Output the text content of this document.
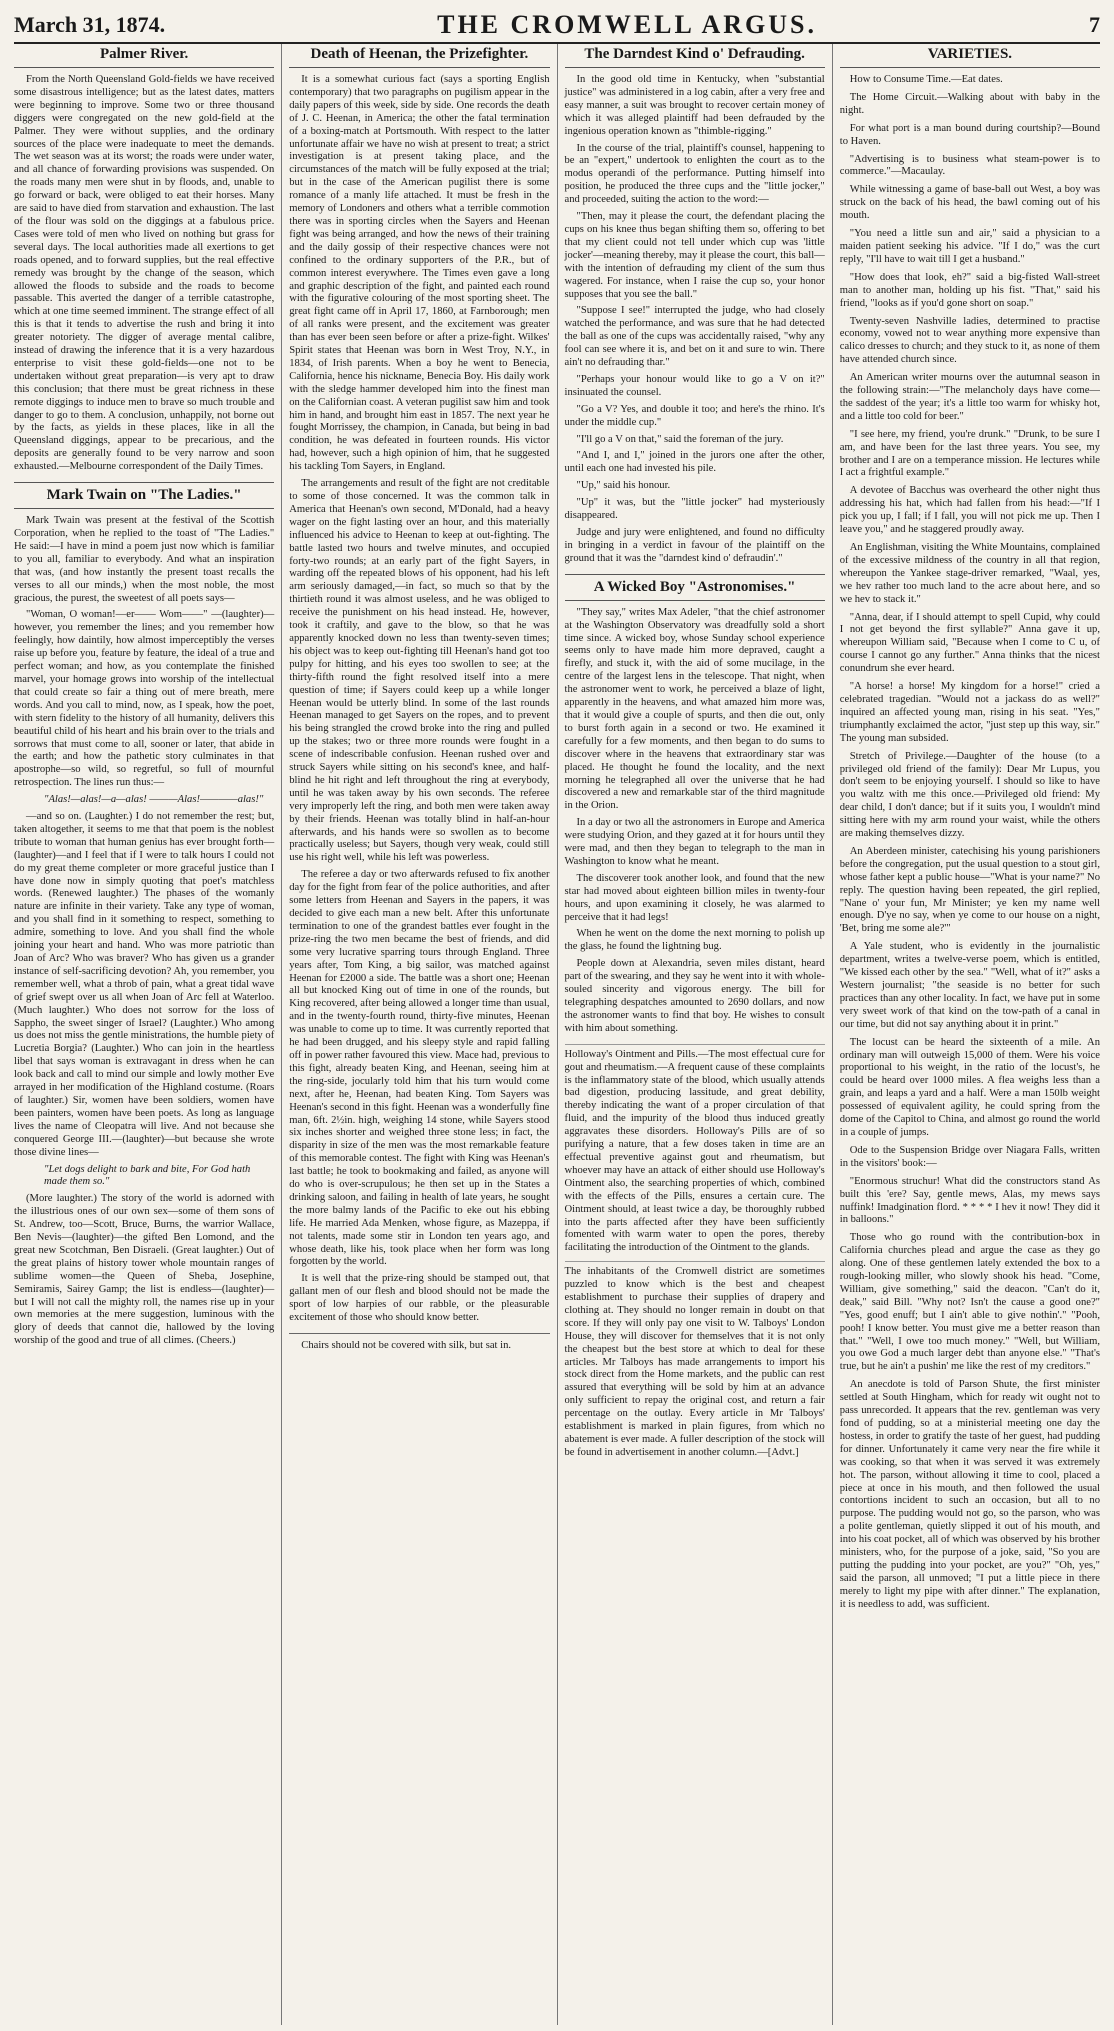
March 31, 1874.	THE CROMWELL ARGUS.	7
Palmer River.

From the North Queensland Gold-fields we have received some disastrous intelligence; but as the latest dates, matters were beginning to improve. Some two or three thousand diggers were congregated on the new gold-field at the Palmer. They were without supplies, and the ordinary sources of the place were inadequate to meet the demands. The wet season was at its worst; the roads were under water, and all chance of forwarding provisions was suspended. On the roads many men were shut in by floods, and, unable to go forward or back, were obliged to eat their horses. Many are said to have died from starvation and exhaustion. The last of the flour was sold on the diggings at a fabulous price. Cases were told of men who lived on nothing but grass for several days. The local authorities made all exertions to get roads opened, and to forward supplies, but the real effective remedy was brought by the change of the season, which allowed the floods to subside and the roads to become passable. This averted the danger of a terrible catastrophe, which at one time seemed imminent. The strange effect of all this is that it tends to advertise the rush and bring it into greater notoriety. The digger of average mental calibre, instead of drawing the inference that it is a very hazardous enterprise to visit these gold-fields—one not to be undertaken without great preparation—is very apt to draw this conclusion; that there must be great richness in these remote diggings to induce men to brave so much trouble and danger to go to them. A conclusion, unhappily, not borne out by the facts, as yields in these places, like in all the Queensland diggings, appear to be precarious, and the deposits are generally found to be very narrow and soon exhausted.—Melbourne correspondent of the Daily Times.

Mark Twain on "The Ladies."

Mark Twain was present at the festival of the Scottish Corporation, when he replied to the toast of "The Ladies." He said:—I have in mind a poem just now which is familiar to you all, familiar to everybody. And what an inspiration that was, (and how instantly the present toast recalls the verses to all our minds,) when the most noble, the most gracious, the purest, the sweetest of all poets says—

"Woman, O woman!—er—— Wom——" —(laughter)—however, you remember the lines; and you remember how feelingly, how daintily, how almost imperceptibly the verses raise up before you, feature by feature, the ideal of a true and perfect woman; and how, as you contemplate the finished marvel, your homage grows into worship of the intellectual that could create so fair a thing out of mere breath, mere words. And you call to mind, now, as I speak, how the poet, with stern fidelity to the history of all humanity, delivers this beautiful child of his heart and his brain over to the trials and sorrows that must come to all, sooner or later, that abide in the earth; and how the pathetic story culminates in that apostrophe—so wild, so regretful, so full of mournful retrospection. The lines run thus:—

"Alas!—alas!—a—alas! ———Alas!————alas!"

—and so on. (Laughter.) I do not remember the rest; but, taken altogether, it seems to me that that poem is the noblest tribute to woman that human genius has ever brought forth—(laughter)—and I feel that if I were to talk hours I could not do my great theme completer or more graceful justice than I have done now in simply quoting that poet's matchless words. (Renewed laughter.) The phases of the womanly nature are infinite in their variety. Take any type of woman, and you shall find in it something to respect, something to admire, something to love. And you shall find the whole joining your heart and hand. Who was more patriotic than Joan of Arc? Who was braver? Who has given us a grander instance of self-sacrificing devotion? Ah, you remember, you remember well, what a throb of pain, what a great tidal wave of grief swept over us all when Joan of Arc fell at Waterloo. (Much laughter.) Who does not sorrow for the loss of Sappho, the sweet singer of Israel? (Laughter.) Who among us does not miss the gentle ministrations, the humble piety of Lucretia Borgia? (Laughter.) Who can join in the heartless libel that says woman is extravagant in dress when he can look back and call to mind our simple and lowly mother Eve arrayed in her modification of the Highland costume. (Roars of laughter.) Sir, women have been soldiers, women have been painters, women have been poets. As long as language lives the name of Cleopatra will live. And not because she conquered George III.—(laughter)—but because she wrote those divine lines—

"Let dogs delight to bark and bite, For God hath made them so."

(More laughter.) The story of the world is adorned with the illustrious ones of our own sex—some of them sons of St. Andrew, too—Scott, Bruce, Burns, the warrior Wallace, Ben Nevis—(laughter)—the gifted Ben Lomond, and the great new Scotchman, Ben Disraeli. (Great laughter.) Out of the great plains of history tower whole mountain ranges of sublime women—the Queen of Sheba, Josephine, Semiramis, Sairey Gamp; the list is endless—(laughter)—but I will not call the mighty roll, the names rise up in your own memories at the mere suggestion, luminous with the glory of deeds that cannot die, hallowed by the loving worship of the good and true of all climes. (Cheers.)

Death of Heenan, the Prizefighter.

It is a somewhat curious fact (says a sporting English contemporary) that two paragraphs on pugilism appear in the daily papers of this week, side by side. One records the death of J. C. Heenan, in America; the other the fatal termination of a boxing-match at Portsmouth. With respect to the latter unfortunate affair we have no wish at present to treat; a strict investigation is at present taking place, and the circumstances of the match will be fully exposed at the trial; but in the case of the American pugilist there is some romance of a manly life attached. It must be fresh in the memory of Londoners and others what a terrible commotion there was in sporting circles when the Sayers and Heenan fight was being arranged, and how the news of their training and the daily gossip of their respective chances were not confined to the ordinary supporters of the P.R., but of common interest everywhere. The Times even gave a long and graphic description of the fight, and painted each round with the figurative colouring of the most sporting sheet. The great fight came off in April 17, 1860, at Farnborough; men of all ranks were present, and the excitement was greater than has ever been seen before or after a prize-fight. Wilkes' Spirit states that Heenan was born in West Troy, N.Y., in 1834, of Irish parents. When a boy he went to Benecia, California, hence his nickname, Benecia Boy. His daily work with the sledge hammer developed him into the finest man on the Californian coast. A veteran pugilist saw him and took him in hand, and brought him east in 1857. The next year he fought Morrissey, the champion, in Canada, but being in bad condition, he was defeated in fourteen rounds. His victor had, however, such a high opinion of him, that he suggested his tackling Tom Sayers, in England.

The arrangements and result of the fight are not creditable to some of those concerned. It was the common talk in America that Heenan's own second, M'Donald, had a heavy wager on the fight lasting over an hour, and this materially influenced his advice to Heenan to keep at out-fighting. The battle lasted two hours and twelve minutes, and occupied forty-two rounds; at an early part of the fight Sayers, in warding off the repeated blows of his opponent, had his left arm seriously damaged,—in fact, so much so that by the thirtieth round it was almost useless, and he was obliged to receive the punishment on his head instead. He, however, took it craftily, and gave to the blow, so that he was apparently knocked down no less than twenty-seven times; his object was to keep out-fighting till Heenan's hand got too pulpy for hitting, and his eyes too swollen to see; at the thirty-fifth round the fight resolved itself into a mere question of time; if Sayers could keep up a while longer Heenan would be utterly blind. In some of the last rounds Heenan managed to get Sayers on the ropes, and to prevent his being strangled the crowd broke into the ring and pulled up the stakes; two or three more rounds were fought in a scene of indescribable confusion. Heenan rushed over and struck Sayers while sitting on his second's knee, and half-blind he hit right and left throughout the ring at everybody, until he was taken away by his own seconds. The referee very improperly left the ring, and both men were taken away by their friends. Heenan was totally blind in half-an-hour afterwards, and his hands were so swollen as to become practically useless; but Sayers, though very weak, could still use his right well, while his left was powerless.

The referee a day or two afterwards refused to fix another day for the fight from fear of the police authorities, and after some letters from Heenan and Sayers in the papers, it was decided to give each man a new belt. After this unfortunate termination to one of the grandest battles ever fought in the prize-ring the two men became the best of friends, and did some very lucrative sparring tours through England. Three years after, Tom King, a big sailor, was matched against Heenan for £2000 a side. The battle was a short one; Heenan all but knocked King out of time in one of the rounds, but King recovered, after being allowed a longer time than usual, and in the twenty-fourth round, thirty-five minutes, Heenan was unable to come up to time. It was currently reported that he had been drugged, and his sleepy style and rapid falling off in power rather favoured this view. Mace had, previous to this fight, already beaten King, and Heenan, seeing him at the ring-side, jocularly told him that his turn would come next, after he, Heenan, had beaten King. Tom Sayers was Heenan's second in this fight. Heenan was a wonderfully fine man, 6ft. 2½in. high, weighing 14 stone, while Sayers stood six inches shorter and weighed three stone less; in fact, the disparity in size of the men was the most remarkable feature of this memorable contest. The fight with King was Heenan's last battle; he took to bookmaking and failed, as anyone will do who is over-scrupulous; he then set up in the States a drinking saloon, and failing in health of late years, he sought the more balmy lands of the Pacific to eke out his ebbing life. He married Ada Menken, whose figure, as Mazeppa, if not talents, made some stir in London ten years ago, and whose death, like his, took place when her form was long forgotten by the world.

It is well that the prize-ring should be stamped out, that gallant men of our flesh and blood should not be made the sport of low harpies of our rabble, or the pleasurable excitement of those who should know better.

Chairs should not be covered with silk, but sat in.

The Darndest Kind o' Defrauding.

In the good old time in Kentucky, when "substantial justice" was administered in a log cabin, after a very free and easy manner, a suit was brought to recover certain money of which it was alleged plaintiff had been defrauded by the ingenious operation known as "thimble-rigging."

In the course of the trial, plaintiff's counsel, happening to be an "expert," undertook to enlighten the court as to the modus operandi of the performance. Putting himself into position, he produced the three cups and the "little jocker," and proceeded, suiting the action to the word:—

"Then, may it please the court, the defendant placing the cups on his knee thus began shifting them so, offering to bet that my client could not tell under which cup was 'little jocker'—meaning thereby, may it please the court, this ball—with the intention of defrauding my client of the sum thus wagered. For instance, when I raise the cup so, your honor supposes that you see the ball."

"Suppose I see!" interrupted the judge, who had closely watched the performance, and was sure that he had detected the ball as one of the cups was accidentally raised, "why any fool can see where it is, and bet on it and sure to win. There ain't no defrauding thar."

"Perhaps your honour would like to go a V on it?" insinuated the counsel.

"Go a V? Yes, and double it too; and here's the rhino. It's under the middle cup."

"I'll go a V on that," said the foreman of the jury.

"And I, and I," joined in the jurors one after the other, until each one had invested his pile.

"Up," said his honour.

"Up" it was, but the "little jocker" had mysteriously disappeared.

Judge and jury were enlightened, and found no difficulty in bringing in a verdict in favour of the plaintiff on the ground that it was the "darndest kind o' defraudin'."

A Wicked Boy "Astronomises."

"They say," writes Max Adeler, "that the chief astronomer at the Washington Observatory was dreadfully sold a short time since. A wicked boy, whose Sunday school experience seems only to have made him more depraved, caught a firefly, and stuck it, with the aid of some mucilage, in the centre of the largest lens in the telescope. That night, when the astronomer went to work, he perceived a blaze of light, apparently in the heavens, and what amazed him more was, that it would give a couple of spurts, and then die out, only to burst forth again in a second or two. He examined it carefully for a few moments, and then began to do sums to discover where in the heavens that extraordinary star was placed. He thought he found the locality, and the next morning he telegraphed all over the universe that he had discovered a new and remarkable star of the third magnitude in the Orion.

In a day or two all the astronomers in Europe and America were studying Orion, and they gazed at it for hours until they were mad, and then they began to telegraph to the man in Washington to know what he meant.

The discoverer took another look, and found that the new star had moved about eighteen billion miles in twenty-four hours, and upon examining it closely, he was alarmed to perceive that it had legs!

When he went on the dome the next morning to polish up the glass, he found the lightning bug.

People down at Alexandria, seven miles distant, heard part of the swearing, and they say he went into it with whole-souled sincerity and vigorous energy. The bill for telegraphing despatches amounted to 2690 dollars, and now the astronomer wants to find that boy. He wishes to consult with him about something.

Holloway's Ointment and Pills.—The most effectual cure for gout and rheumatism.—A frequent cause of these complaints is the inflammatory state of the blood, which usually attends bad digestion, producing lassitude, and great debility, thereby indicating the want of a proper circulation of that fluid, and the impurity of the blood thus induced greatly aggravates these disorders. Holloway's Pills are of so purifying a nature, that a few doses taken in time are an effectual preventive against gout and rheumatism, but whoever may have an attack of either should use Holloway's Ointment also, the searching properties of which, combined with the effects of the Pills, ensures a certain cure. The Ointment should, at least twice a day, be thoroughly rubbed into the parts affected after they have been sufficiently fomented with warm water to open the pores, thereby facilitating the introduction of the Ointment to the glands.
The inhabitants of the Cromwell district are sometimes puzzled to know which is the best and cheapest establishment to purchase their supplies of drapery and clothing at. They should no longer remain in doubt on that score. If they will only pay one visit to W. Talboys' London House, they will discover for themselves that it is not only the cheapest but the best store at which to deal for these articles. Mr Talboys has made arrangements to import his stock direct from the Home markets, and the public can rest assured that everything will be sold by him at an advance only sufficient to repay the original cost, and return a fair percentage on the outlay. Every article in Mr Talboys' establishment is marked in plain figures, from which no abatement is ever made. A fuller description of the stock will be found in advertisement in another column.—[Advt.]
VARIETIES.

How to Consume Time.—Eat dates.

The Home Circuit.—Walking about with baby in the night.

For what port is a man bound during courtship?—Bound to Haven.

"Advertising is to business what steam-power is to commerce."—Macaulay.

While witnessing a game of base-ball out West, a boy was struck on the back of his head, the bawl coming out of his mouth.

"You need a little sun and air," said a physician to a maiden patient seeking his advice. "If I do," was the curt reply, "I'll have to wait till I get a husband."

"How does that look, eh?" said a big-fisted Wall-street man to another man, holding up his fist. "That," said his friend, "looks as if you'd gone short on soap."

Twenty-seven Nashville ladies, determined to practise economy, vowed not to wear anything more expensive than calico dresses to church; and they stuck to it, as none of them have attended church since.

An American writer mourns over the autumnal season in the following strain:—"The melancholy days have come—the saddest of the year; it's a little too warm for whisky hot, and a little too cold for beer."

"I see here, my friend, you're drunk." "Drunk, to be sure I am, and have been for the last three years. You see, my brother and I are on a temperance mission. He lectures while I act a frightful example."

A devotee of Bacchus was overheard the other night thus addressing his hat, which had fallen from his head:—"If I pick you up, I fall; if I fall, you will not pick me up. Then I leave you," and he staggered proudly away.

An Englishman, visiting the White Mountains, complained of the excessive mildness of the country in all that region, whereupon the Yankee stage-driver remarked, "Waal, yes, we hev rather too much land to the acre about here, and so we hev to stack it."

"Anna, dear, if I should attempt to spell Cupid, why could I not get beyond the first syllable?" Anna gave it up, whereupon William said, "Because when I come to C u, of course I cannot go any further." Anna thinks that the nicest conundrum she ever heard.

"A horse! a horse! My kingdom for a horse!" cried a celebrated tragedian. "Would not a jackass do as well?" inquired an affected young man, rising in his seat. "Yes," triumphantly exclaimed the actor, "just step up this way, sir." The young man subsided.

Stretch of Privilege.—Daughter of the house (to a privileged old friend of the family): Dear Mr Lupus, you don't seem to be enjoying yourself. I should so like to have you waltz with me this once.—Privileged old friend: My dear child, I don't dance; but if it suits you, I wouldn't mind sitting here with my arm round your waist, while the others are making themselves dizzy.

An Aberdeen minister, catechising his young parishioners before the congregation, put the usual question to a stout girl, whose father kept a public house—"What is your name?" No reply. The question having been repeated, the girl replied, "Nane o' your fun, Mr Minister; ye ken my name well enough. D'ye no say, when ye come to our house on a night, 'Bet, bring me some ale?'"

A Yale student, who is evidently in the journalistic department, writes a twelve-verse poem, which is entitled, "We kissed each other by the sea." "Well, what of it?" asks a Western journalist; "the seaside is no better for such practices than any other locality. In fact, we have put in some very sweet work of that kind on the tow-path of a canal in our time, but did not say anything about it in print."

The locust can be heard the sixteenth of a mile. An ordinary man will outweigh 15,000 of them. Were his voice proportional to his weight, in the ratio of the locust's, he could be heard over 1000 miles. A flea weighs less than a grain, and leaps a yard and a half. Were a man 150lb weight possessed of equivalent agility, he could spring from the dome of the Capitol to China, and almost go round the world in a couple of jumps.

Ode to the Suspension Bridge over Niagara Falls, written in the visitors' book:—

"Enormous struchur! What did the constructors stand As built this 'ere? Say, gentle mews, Alas, my mews says nuffink! Imadgination flord. * * * * I hev it now! They did it in balloons."

Those who go round with the contribution-box in California churches plead and argue the case as they go along. One of these gentlemen lately extended the box to a rough-looking miller, who slowly shook his head. "Come, William, give something," said the deacon. "Can't do it, deak," said Bill. "Why not? Isn't the cause a good one?" "Yes, good enuff; but I ain't able to give nothin'." "Pooh, pooh! I know better. You must give me a better reason than that." "Well, I owe too much money." "Well, but William, you owe God a much larger debt than anyone else." "That's true, but he ain't a pushin' me like the rest of my creditors."

An anecdote is told of Parson Shute, the first minister settled at South Hingham, which for ready wit ought not to pass unrecorded. It appears that the rev. gentleman was very fond of pudding, so at a ministerial meeting one day the hostess, in order to gratify the taste of her guest, had pudding for dinner. Unfortunately it came very near the fire while it was cooking, so that when it was served it was extremely hot. The parson, without allowing it time to cool, placed a piece at once in his mouth, and then followed the usual contortions incident to such an occasion, but all to no purpose. The pudding would not go, so the parson, who was a polite gentleman, quietly slipped it out of his mouth, and into his coat pocket, all of which was observed by his brother ministers, who, for the purpose of a joke, said, "So you are putting the pudding into your pocket, are you?" "Oh, yes," said the parson, all unmoved; "I put a little piece in there merely to light my pipe with after dinner." The explanation, it is needless to add, was sufficient.
